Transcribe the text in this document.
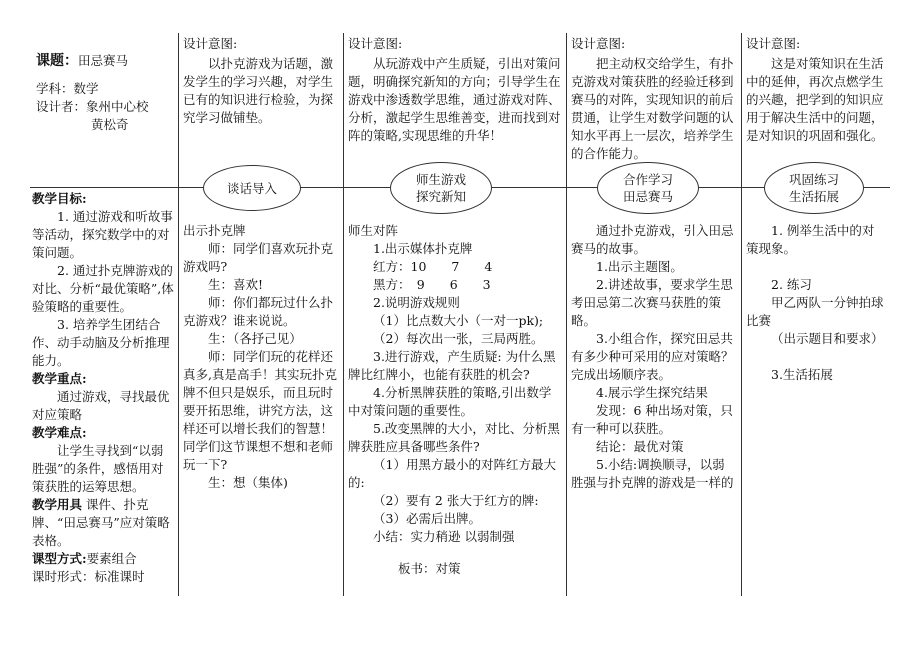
课题：田忌赛马

学科：数学

设计者：象州中心校

黄松奇

设计意图:

以扑克游戏为话题，激发学生的学习兴趣，对学生已有的知识进行检验，为探究学习做铺垫。

设计意图:

从玩游戏中产生质疑，引出对策问题，明确探究新知的方向；引导学生在游戏中渗透数学思维，通过游戏对阵、分析，激起学生思维善变，进而找到对阵的策略,实现思维的升华！

设计意图:

把主动权交给学生，有扑克游戏对策获胜的经验迁移到赛马的对阵，实现知识的前后贯通，让学生对数学问题的认知水平再上一层次，培养学生的合作能力。

设计意图:

这是对策知识在生活中的延伸，再次点燃学生的兴趣，把学到的知识应用于解决生活中的问题，是对知识的巩固和强化。

谈话导入
师生游戏
探究新知
合作学习
田忌赛马
巩固练习
生活拓展

教学目标:

1. 通过游戏和听故事等活动，探究数学中的对策问题。

2. 通过扑克牌游戏的对比、分析“最优策略”,体验策略的重要性。

3. 培养学生团结合作、动手动脑及分析推理能力。

教学重点:

通过游戏，寻找最优对应策略

教学难点:

让学生寻找到“以弱胜强”的条件，感悟用对策获胜的运筹思想。

教学用具 课件、扑克牌、“田忌赛马”应对策略表格。

课型方式:要素组合

课时形式：标准课时

出示扑克牌

师：同学们喜欢玩扑克游戏吗?

生：喜欢!

师：你们都玩过什么扑克游戏？谁来说说。

生：（各抒己见）

师：同学们玩的花样还真多,真是高手！其实玩扑克牌不但只是娱乐，而且玩时要开拓思维，讲究方法，这样还可以增长我们的智慧！同学们这节课想不想和老师玩一下?

生：想（集体)

师生对阵

1.出示媒体扑克牌

红方：10　　7　　4

黑方：　9　　6　　3

2.说明游戏规则

（1）比点数大小（一对一pk);

（2）每次出一张，三局两胜。

3.进行游戏，产生质疑: 为什么黑牌比红牌小，也能有获胜的机会?

4.分析黑牌获胜的策略,引出数学中对策问题的重要性。

5.改变黑牌的大小，对比、分析黑牌获胜应具备哪些条件?

（1）用黑方最小的对阵红方最大的:

（2）要有 2 张大于红方的牌:

（3）必需后出牌。

小结：实力稍逊 以弱制强

板书：对策

通过扑克游戏，引入田忌赛马的故事。

1.出示主题图。

2.讲述故事，要求学生思考田忌第二次赛马获胜的策略。

3.小组合作，探究田忌共有多少种可采用的应对策略？完成出场顺序表。

4.展示学生探究结果

发现：6 种出场对策，只有一种可以获胜。

结论：最优对策

5.小结:调换顺寻，以弱胜强与扑克牌的游戏是一样的

1. 例举生活中的对策现象。

2. 练习

甲乙两队一分钟拍球比赛

（出示题目和要求）

3.生活拓展
